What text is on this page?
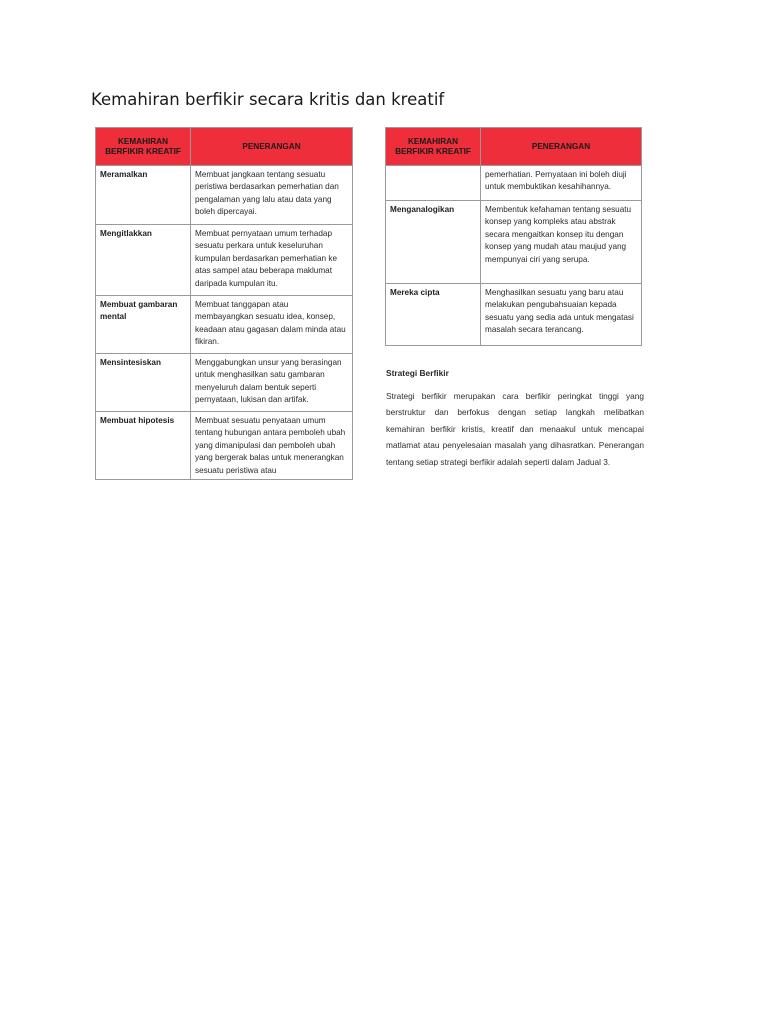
Kemahiran berfikir secara kritis dan kreatif
KEMAHIRAN BERFIKIR KREATIF	PENERANGAN
Meramalkan	Membuat jangkaan tentang sesuatu peristiwa berdasarkan pemerhatian dan pengalaman yang lalu atau data yang boleh dipercayai.
Mengitlakkan	Membuat pernyataan umum terhadap sesuatu perkara untuk keseluruhan kumpulan berdasarkan pemerhatian ke atas sampel atau beberapa maklumat daripada kumpulan itu.
Membuat gambaran mental	Membuat tanggapan atau membayangkan sesuatu idea, konsep, keadaan atau gagasan dalam minda atau fikiran.
Mensintesiskan	Menggabungkan unsur yang berasingan untuk menghasilkan satu gambaran menyeluruh dalam bentuk seperti pernyataan, lukisan dan artifak.
Membuat hipotesis	Membuat sesuatu penyataan umum tentang hubungan antara pemboleh ubah yang dimanipulasi dan pemboleh ubah yang bergerak balas untuk menerangkan sesuatu peristiwa atau
KEMAHIRAN BERFIKIR KREATIF	PENERANGAN
	pemerhatian. Pernyataan ini boleh diuji untuk membuktikan kesahihannya.
Menganalogikan	Membentuk kefahaman tentang sesuatu konsep yang kompleks atau abstrak secara mengaitkan konsep itu dengan konsep yang mudah atau maujud yang mempunyai ciri yang serupa.
Mereka cipta	Menghasilkan sesuatu yang baru atau melakukan pengubahsuaian kepada sesuatu yang sedia ada untuk mengatasi masalah secara terancang.
Strategi Berfikir

Strategi berfikir merupakan cara berfikir peringkat tinggi yang berstruktur dan berfokus dengan setiap langkah melibatkan kemahiran berfikir kristis, kreatif dan menaakul untuk mencapai matlamat atau penyelesaian masalah yang dihasratkan. Penerangan tentang setiap strategi berfikir adalah seperti dalam Jadual 3.
